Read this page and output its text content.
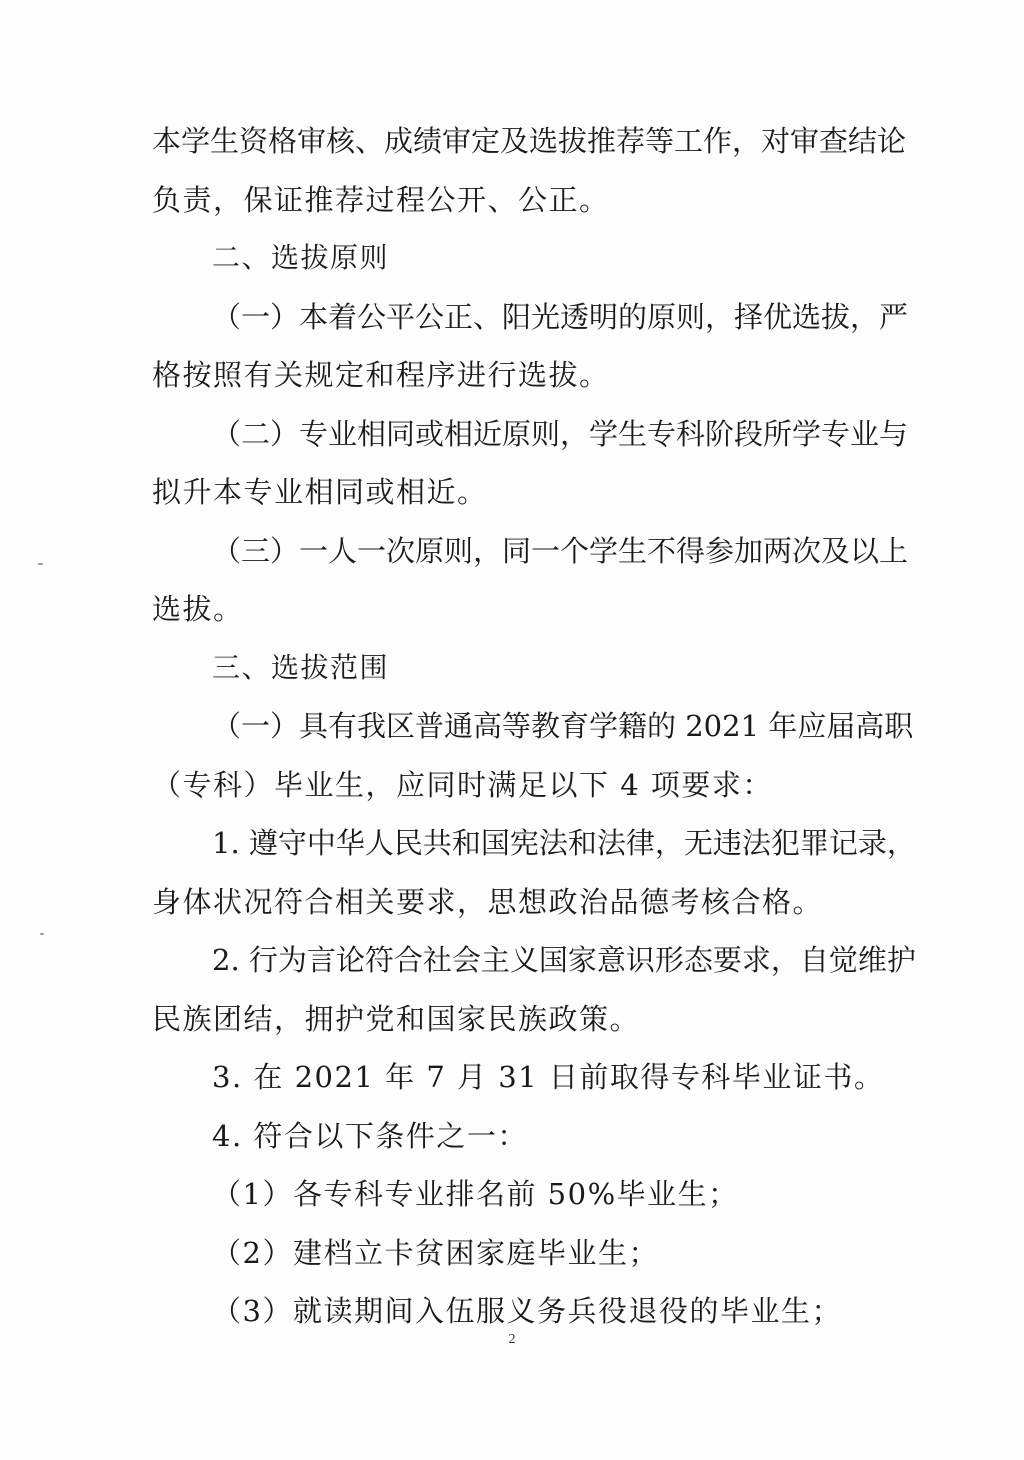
本学生资格审核、成绩审定及选拔推荐等工作，对审查结论
负责，保证推荐过程公开、公正。
二、选拔原则
（一）本着公平公正、阳光透明的原则，择优选拔，严
格按照有关规定和程序进行选拔。
（二）专业相同或相近原则，学生专科阶段所学专业与
拟升本专业相同或相近。
（三）一人一次原则，同一个学生不得参加两次及以上
选拔。
三、选拔范围
（一）具有我区普通高等教育学籍的 2021 年应届高职
（专科）毕业生，应同时满足以下 4 项要求：
1. 遵守中华人民共和国宪法和法律，无违法犯罪记录，
身体状况符合相关要求，思想政治品德考核合格。
2. 行为言论符合社会主义国家意识形态要求，自觉维护
民族团结，拥护党和国家民族政策。
3. 在 2021 年 7 月 31 日前取得专科毕业证书。
4. 符合以下条件之一：
（1）各专科专业排名前 50%毕业生；
（2）建档立卡贫困家庭毕业生；
（3）就读期间入伍服义务兵役退役的毕业生；
2
